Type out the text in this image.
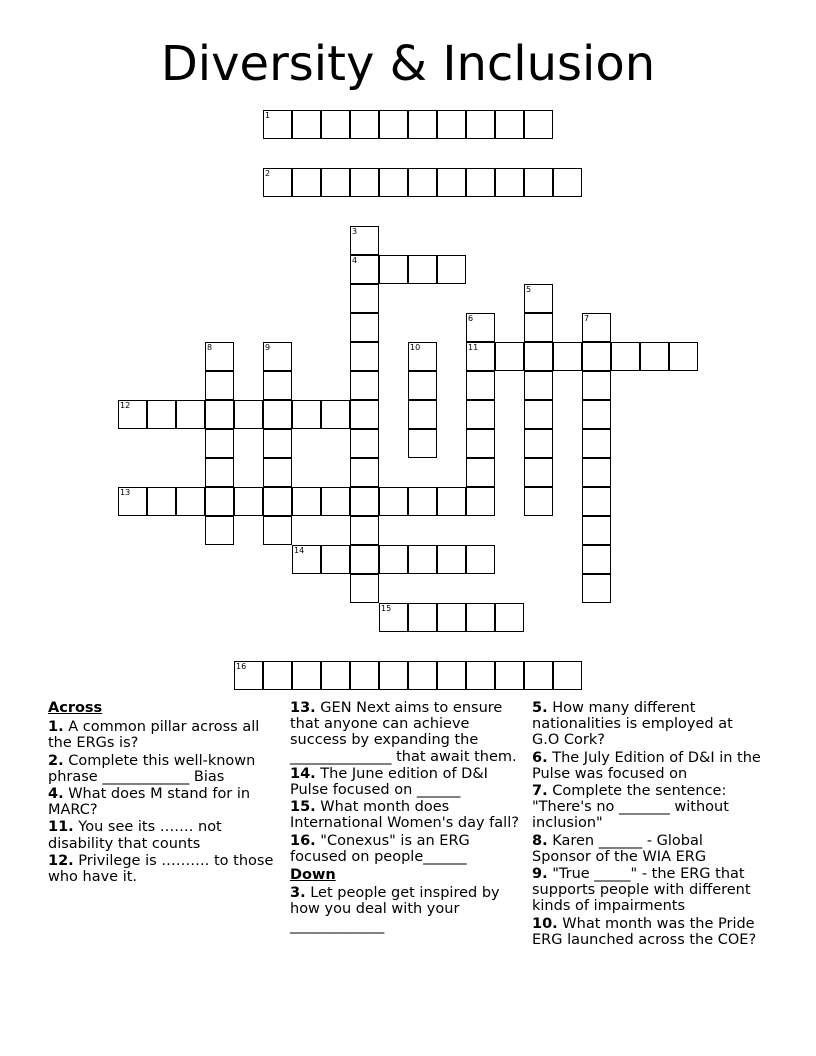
Diversity & Inclusion
1
2
3
4
5
6
11
7
8	9	10
12
13
14
15
16
Across
1. A common pillar across all the ERGs is?
2. Complete this well-known phrase ____________ Bias
4. What does M stand for in MARC?
11. You see its ……. not disability that counts
12. Privilege is ………. to those who have it.
13. GEN Next aims to ensure that anyone can achieve success by expanding the ______________ that await them.
14. The June edition of D&I Pulse focused on ______
15. What month does International Women's day fall?
16. "Conexus" is an ERG focused on people______
Down
3. Let people get inspired by how you deal with your _____________
5. How many different nationalities is employed at G.O Cork?
6. The July Edition of D&I in the Pulse was focused on
7. Complete the sentence: "There's no _______ without inclusion"
8. Karen ______ - Global Sponsor of the WIA ERG
9. "True _____" - the ERG that supports people with different kinds of impairments
10. What month was the Pride ERG launched across the COE?
